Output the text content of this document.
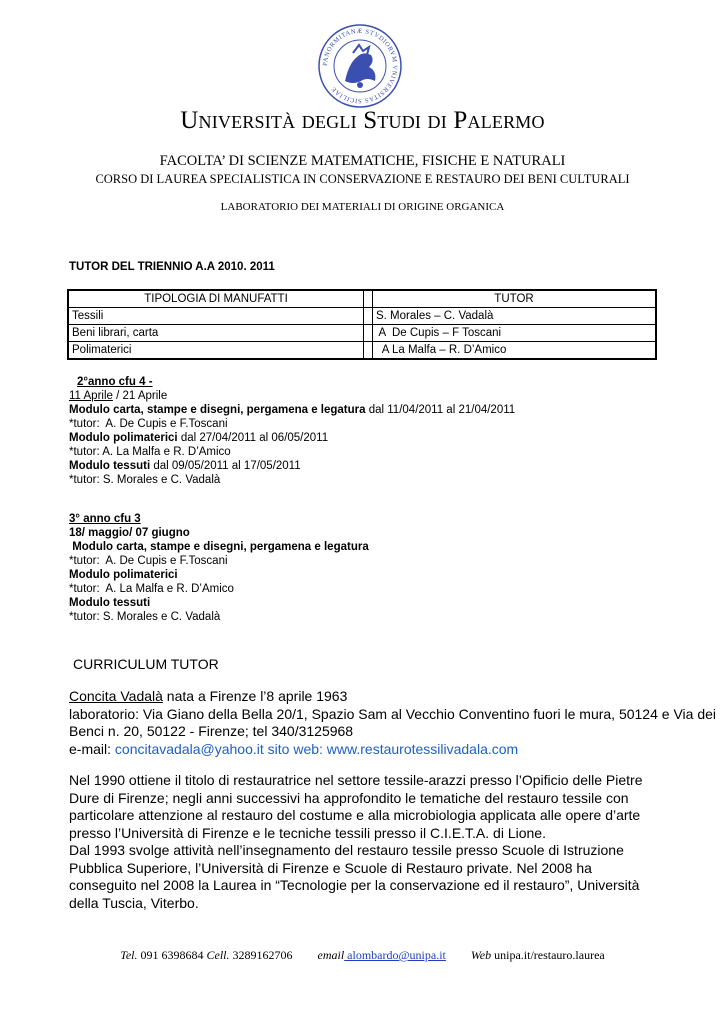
PANORMITANÆ STVDIORVM VNIVERSITAS SICILIAE
Università degli Studi di Palermo
FACOLTA’ DI SCIENZE MATEMATICHE, FISICHE E NATURALI
CORSO DI LAUREA SPECIALISTICA IN CONSERVAZIONE E RESTAURO DEI BENI CULTURALI
LABORATORIO DEI MATERIALI DI ORIGINE ORGANICA
TUTOR DEL TRIENNIO A.A 2010. 2011
TIPOLOGIA DI MANUFATTI		TUTOR
Tessili		S. Morales – C. Vadalà
Beni librari, carta		A  De Cupis – F Toscani
Polimaterici		A La Malfa – R. D’Amico
2°anno cfu 4 -
11 Aprile / 21 Aprile
Modulo carta, stampe e disegni, pergamena e legatura dal 11/04/2011 al 21/04/2011
*tutor:  A. De Cupis e F.Toscani
Modulo polimaterici dal 27/04/2011 al 06/05/2011
*tutor: A. La Malfa e R. D’Amico
Modulo tessuti dal 09/05/2011 al 17/05/2011
*tutor: S. Morales e C. Vadalà
3° anno cfu 3
18/ maggio/ 07 giugno
Modulo carta, stampe e disegni, pergamena e legatura
*tutor:  A. De Cupis e F.Toscani
Modulo polimaterici
*tutor:  A. La Malfa e R. D’Amico
Modulo tessuti
*tutor: S. Morales e C. Vadalà
CURRICULUM TUTOR
Concita Vadalà nata a Firenze l’8 aprile 1963
laboratorio: Via Giano della Bella 20/1, Spazio Sam al Vecchio Conventino fuori le mura, 50124 e Via dei
Benci n. 20, 50122 - Firenze; tel 340/3125968
e-mail: concitavadala@yahoo.it sito web: www.restaurotessilivadala.com
Nel 1990 ottiene il titolo di restauratrice nel settore tessile-arazzi presso l’Opificio delle Pietre Dure di Firenze; negli anni successivi ha approfondito le tematiche del restauro tessile con particolare attenzione al restauro del costume e alla microbiologia applicata alle opere d’arte presso l’Università di Firenze e le tecniche tessili presso il C.I.E.T.A. di Lione.
Dal 1993 svolge attività nell’insegnamento del restauro tessile presso Scuole di Istruzione Pubblica Superiore, l’Università di Firenze e Scuole di Restauro private. Nel 2008 ha conseguito nel 2008 la Laurea in “Tecnologie per la conservazione ed il restauro”, Università della Tuscia, Viterbo.
Tel. 091 6398684 Cell. 3289162706 email alombardo@unipa.it Web unipa.it/restauro.laurea
